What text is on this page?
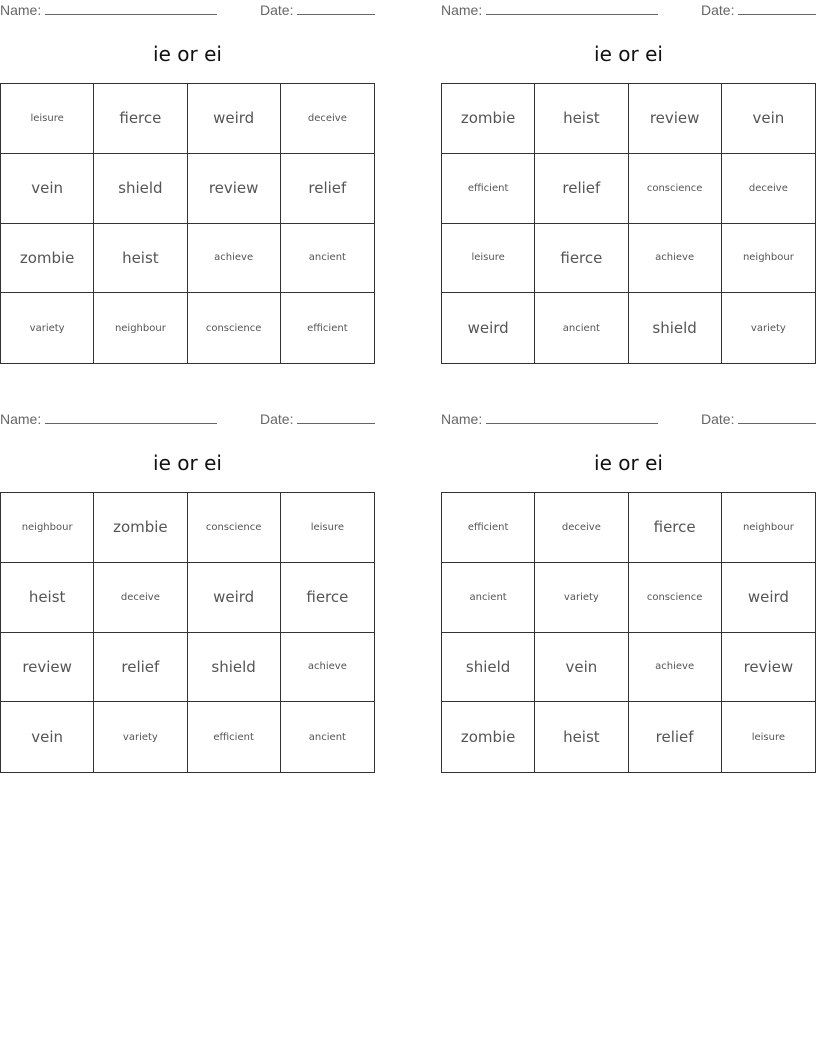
Name:	Date:
ie or ei
leisure	fierce	weird	deceive
vein	shield	review	relief
zombie	heist	achieve	ancient
variety	neighbour	conscience	efficient
Name:	Date:
ie or ei
zombie	heist	review	vein
efficient	relief	conscience	deceive
leisure	fierce	achieve	neighbour
weird	ancient	shield	variety
Name:	Date:
ie or ei
neighbour	zombie	conscience	leisure
heist	deceive	weird	fierce
review	relief	shield	achieve
vein	variety	efficient	ancient
Name:	Date:
ie or ei
efficient	deceive	fierce	neighbour
ancient	variety	conscience	weird
shield	vein	achieve	review
zombie	heist	relief	leisure
